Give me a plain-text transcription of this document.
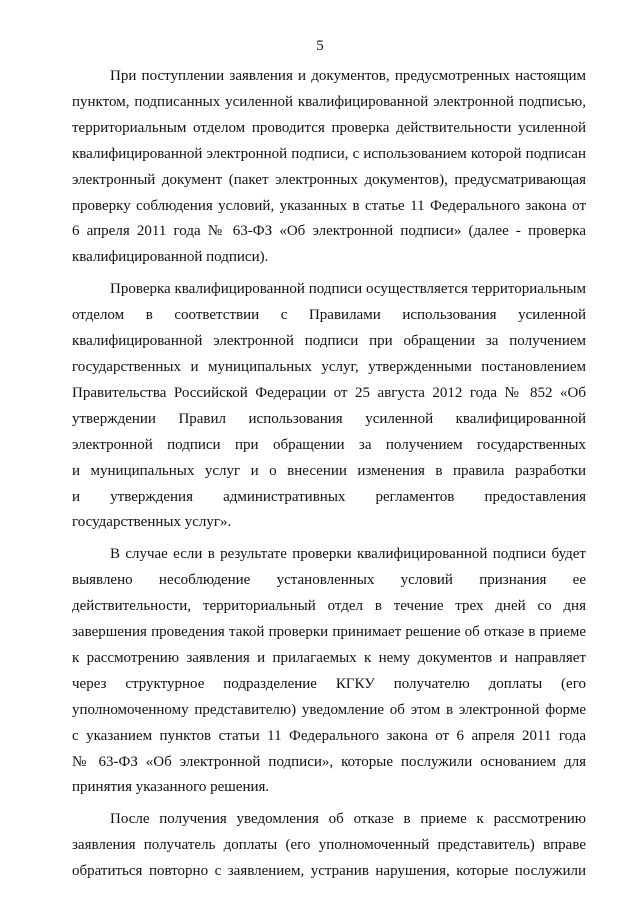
5

При поступлении заявления и документов, предусмотренных настоящим
пунктом, подписанных усиленной квалифицированной электронной подписью,
территориальным отделом проводится проверка действительности усиленной
квалифицированной электронной подписи, с использованием которой подписан
электронный документ (пакет электронных документов), предусматривающая
проверку соблюдения условий, указанных в статье 11 Федерального закона от
6 апреля 2011 года № 63-ФЗ «Об электронной подписи» (далее - проверка
квалифицированной подписи).

Проверка квалифицированной подписи осуществляется территориальным
отделом в соответствии с Правилами использования усиленной
квалифицированной электронной подписи при обращении за получением
государственных и муниципальных услуг, утвержденными постановлением
Правительства Российской Федерации от 25 августа 2012 года № 852 «Об
утверждении Правил использования усиленной квалифицированной
электронной подписи при обращении за получением государственных
и муниципальных услуг и о внесении изменения в правила разработки
и утверждения административных регламентов предоставления
государственных услуг».

В случае если в результате проверки квалифицированной подписи будет
выявлено несоблюдение установленных условий признания ее
действительности, территориальный отдел в течение трех дней со дня
завершения проведения такой проверки принимает решение об отказе в приеме
к рассмотрению заявления и прилагаемых к нему документов и направляет
через структурное подразделение КГКУ получателю доплаты (его
уполномоченному представителю) уведомление об этом в электронной форме
с указанием пунктов статьи 11 Федерального закона от 6 апреля 2011 года
№ 63-ФЗ «Об электронной подписи», которые послужили основанием для
принятия указанного решения.

После получения уведомления об отказе в приеме к рассмотрению
заявления получатель доплаты (его уполномоченный представитель) вправе
обратиться повторно с заявлением, устранив нарушения, которые послужили
